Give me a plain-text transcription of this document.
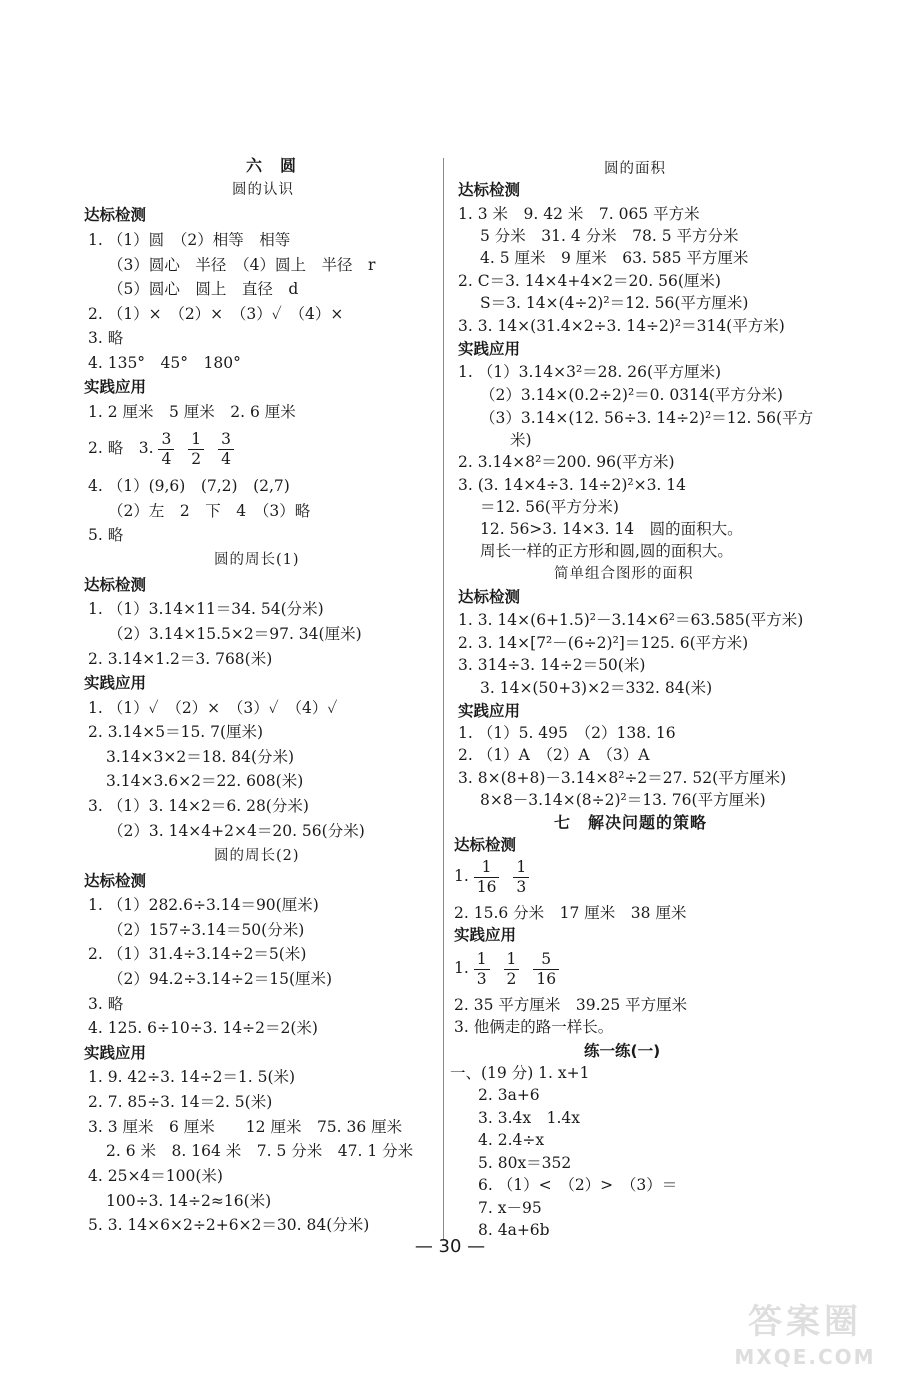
六　圆
圆的认识
达标检测
1. （1）圆　（2）相等　相等
（3）圆心　半径　（4）圆上　半径　r
（5）圆心　圆上　直径　d
2. （1）×　（2）×　（3）✓　（4）×
3. 略
4. 135°　45°　180°
实践应用
1. 2 厘米　5 厘米　2. 6 厘米
2. 略　3. $\frac{3}{4}$
$\frac{1}{2}$
$\frac{3}{4}$
4. （1）(9,6)　(7,2)　(2,7)
（2）左　2　下　4　（3）略
5. 略
圆的周长(1)
达标检测
1. （1）3.14×11＝34. 54(分米)
（2）3.14×15.5×2＝97. 34(厘米)
2. 3.14×1.2＝3. 768(米)
实践应用
1. （1）✓　（2）×　（3）✓　（4）✓
2. 3.14×5＝15. 7(厘米)
3.14×3×2＝18. 84(分米)
3.14×3.6×2＝22. 608(米)
3. （1）3. 14×2＝6. 28(分米)
（2）3. 14×4+2×4＝20. 56(分米)
圆的周长(2)
达标检测
1. （1）282.6÷3.14＝90(厘米)
（2）157÷3.14＝50(分米)
2. （1）31.4÷3.14÷2＝5(米)
（2）94.2÷3.14÷2＝15(厘米)
3. 略
4. 125. 6÷10÷3. 14÷2＝2(米)
实践应用
1. 9. 42÷3. 14÷2＝1. 5(米)
2. 7. 85÷3. 14＝2. 5(米)
3. 3 厘米　6 厘米　　12 厘米　75. 36 厘米
2. 6 米　8. 164 米　7. 5 分米　47. 1 分米
4. 25×4＝100(米)
100÷3. 14÷2≈16(米)
5. 3. 14×6×2÷2+6×2＝30. 84(分米)
圆的面积
达标检测
1. 3 米　9. 42 米　7. 065 平方米
5 分米　31. 4 分米　78. 5 平方分米
4. 5 厘米　9 厘米　63. 585 平方厘米
2. C＝3. 14×4+4×2＝20. 56(厘米)
S＝3. 14×(4÷2)²＝12. 56(平方厘米)
3. 3. 14×(31.4×2÷3. 14÷2)²＝314(平方米)
实践应用
1. （1）3.14×3²＝28. 26(平方厘米)
（2）3.14×(0.2÷2)²＝0. 0314(平方分米)
（3）3.14×(12. 56÷3. 14÷2)²＝12. 56(平方
米)
2. 3.14×8²＝200. 96(平方米)
3. (3. 14×4÷3. 14÷2)²×3. 14
＝12. 56(平方分米)
12. 56>3. 14×3. 14　圆的面积大。
周长一样的正方形和圆,圆的面积大。
简单组合图形的面积
达标检测
1. 3. 14×(6+1.5)²－3.14×6²＝63.585(平方米)
2. 3. 14×[7²－(6÷2)²]＝125. 6(平方米)
3. 314÷3. 14÷2＝50(米)
3. 14×(50+3)×2＝332. 84(米)
实践应用
1. （1）5. 495　（2）138. 16
2. （1）A　（2）A　（3）A
3. 8×(8+8)－3.14×8²÷2＝27. 52(平方厘米)
8×8－3.14×(8÷2)²＝13. 76(平方厘米)
七　解决问题的策略
达标检测
1. $\frac{1}{16}$
$\frac{1}{3}$
2. 15.6 分米　17 厘米　38 厘米
实践应用
1. $\frac{1}{3}$
$\frac{1}{2}$
$\frac{5}{16}$
2. 35 平方厘米　39.25 平方厘米
3. 他俩走的路一样长。
练一练(一)
一、(19 分) 1. x+1
2. 3a+6
3. 3.4x　1.4x
4. 2.4÷x
5. 80x＝352
6. （1）<　（2）>　（3）＝
7. x－95
8. 4a+6b
— 30 —
答案圈
MXQE.COM
